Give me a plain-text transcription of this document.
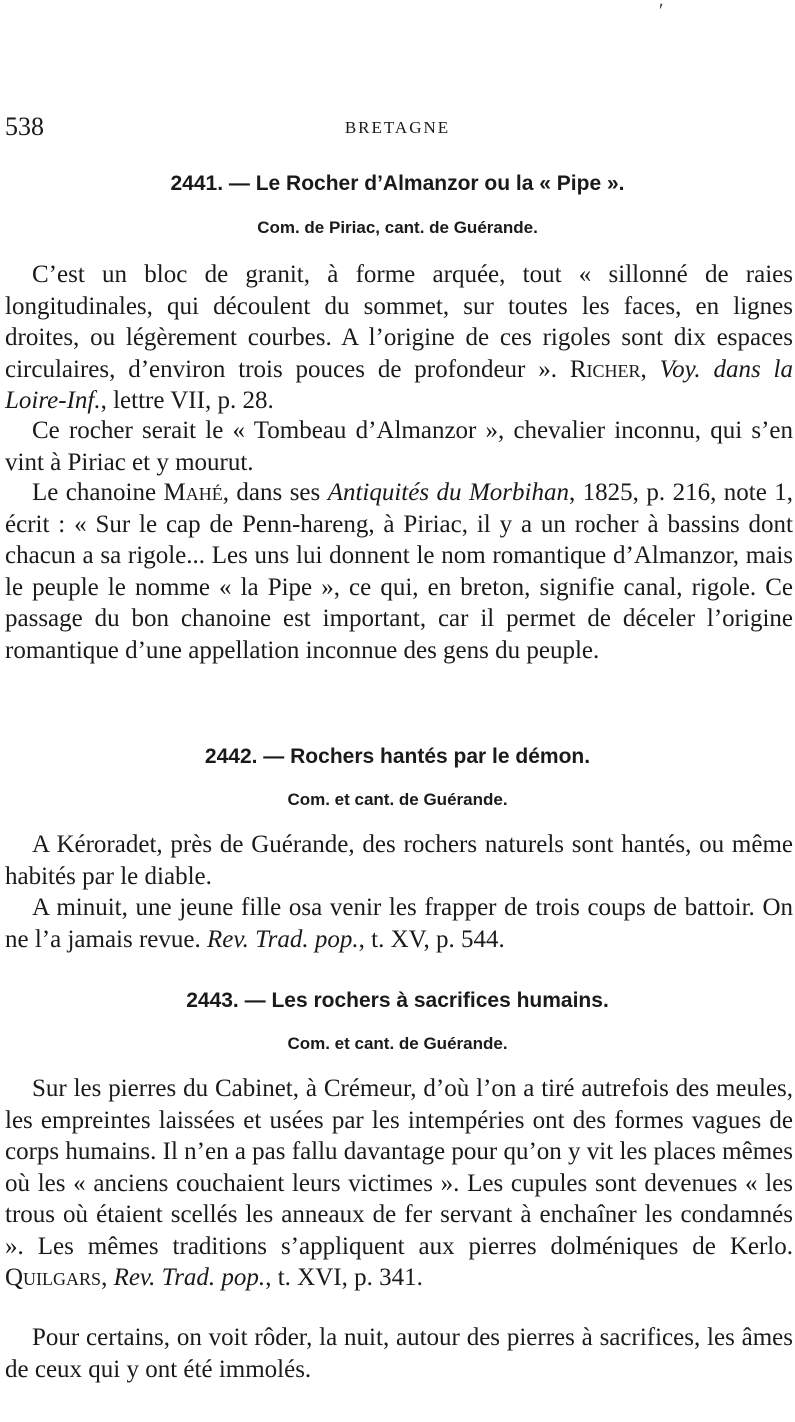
ʹ
538	BRETAGNE
2441. — Le Rocher d’Almanzor ou la « Pipe ».
Com. de Piriac, cant. de Guérande.

C’est un bloc de granit, à forme arquée, tout « sillonné de raies longitudinales, qui découlent du sommet, sur toutes les faces, en lignes droites, ou légèrement courbes. A l’origine de ces rigoles sont dix espaces circulaires, d’environ trois pouces de profondeur ». Richer, Voy. dans la Loire-Inf., lettre VII, p. 28.

Ce rocher serait le « Tombeau d’Almanzor », chevalier inconnu, qui s’en vint à Piriac et y mourut.

Le chanoine Mahé, dans ses Antiquités du Morbihan, 1825, p. 216, note 1, écrit : « Sur le cap de Penn-hareng, à Piriac, il y a un rocher à bassins dont chacun a sa rigole... Les uns lui donnent le nom romantique d’Almanzor, mais le peuple le nomme « la Pipe », ce qui, en breton, signifie canal, rigole. Ce passage du bon chanoine est important, car il permet de déceler l’origine romantique d’une appellation inconnue des gens du peuple.

2442. — Rochers hantés par le démon.
Com. et cant. de Guérande.

A Kéroradet, près de Guérande, des rochers naturels sont hantés, ou même habités par le diable.

A minuit, une jeune fille osa venir les frapper de trois coups de battoir. On ne l’a jamais revue. Rev. Trad. pop., t. XV, p. 544.

2443. — Les rochers à sacrifices humains.
Com. et cant. de Guérande.

Sur les pierres du Cabinet, à Crémeur, d’où l’on a tiré autrefois des meules, les empreintes laissées et usées par les intempéries ont des formes vagues de corps humains. Il n’en a pas fallu davantage pour qu’on y vit les places mêmes où les « anciens couchaient leurs victimes ». Les cupules sont devenues « les trous où étaient scellés les anneaux de fer servant à enchaîner les condamnés ». Les mêmes traditions s’appliquent aux pierres dolméniques de Kerlo. Quilgars, Rev. Trad. pop., t. XVI, p. 341.

Pour certains, on voit rôder, la nuit, autour des pierres à sacrifices, les âmes de ceux qui y ont été immolés.
